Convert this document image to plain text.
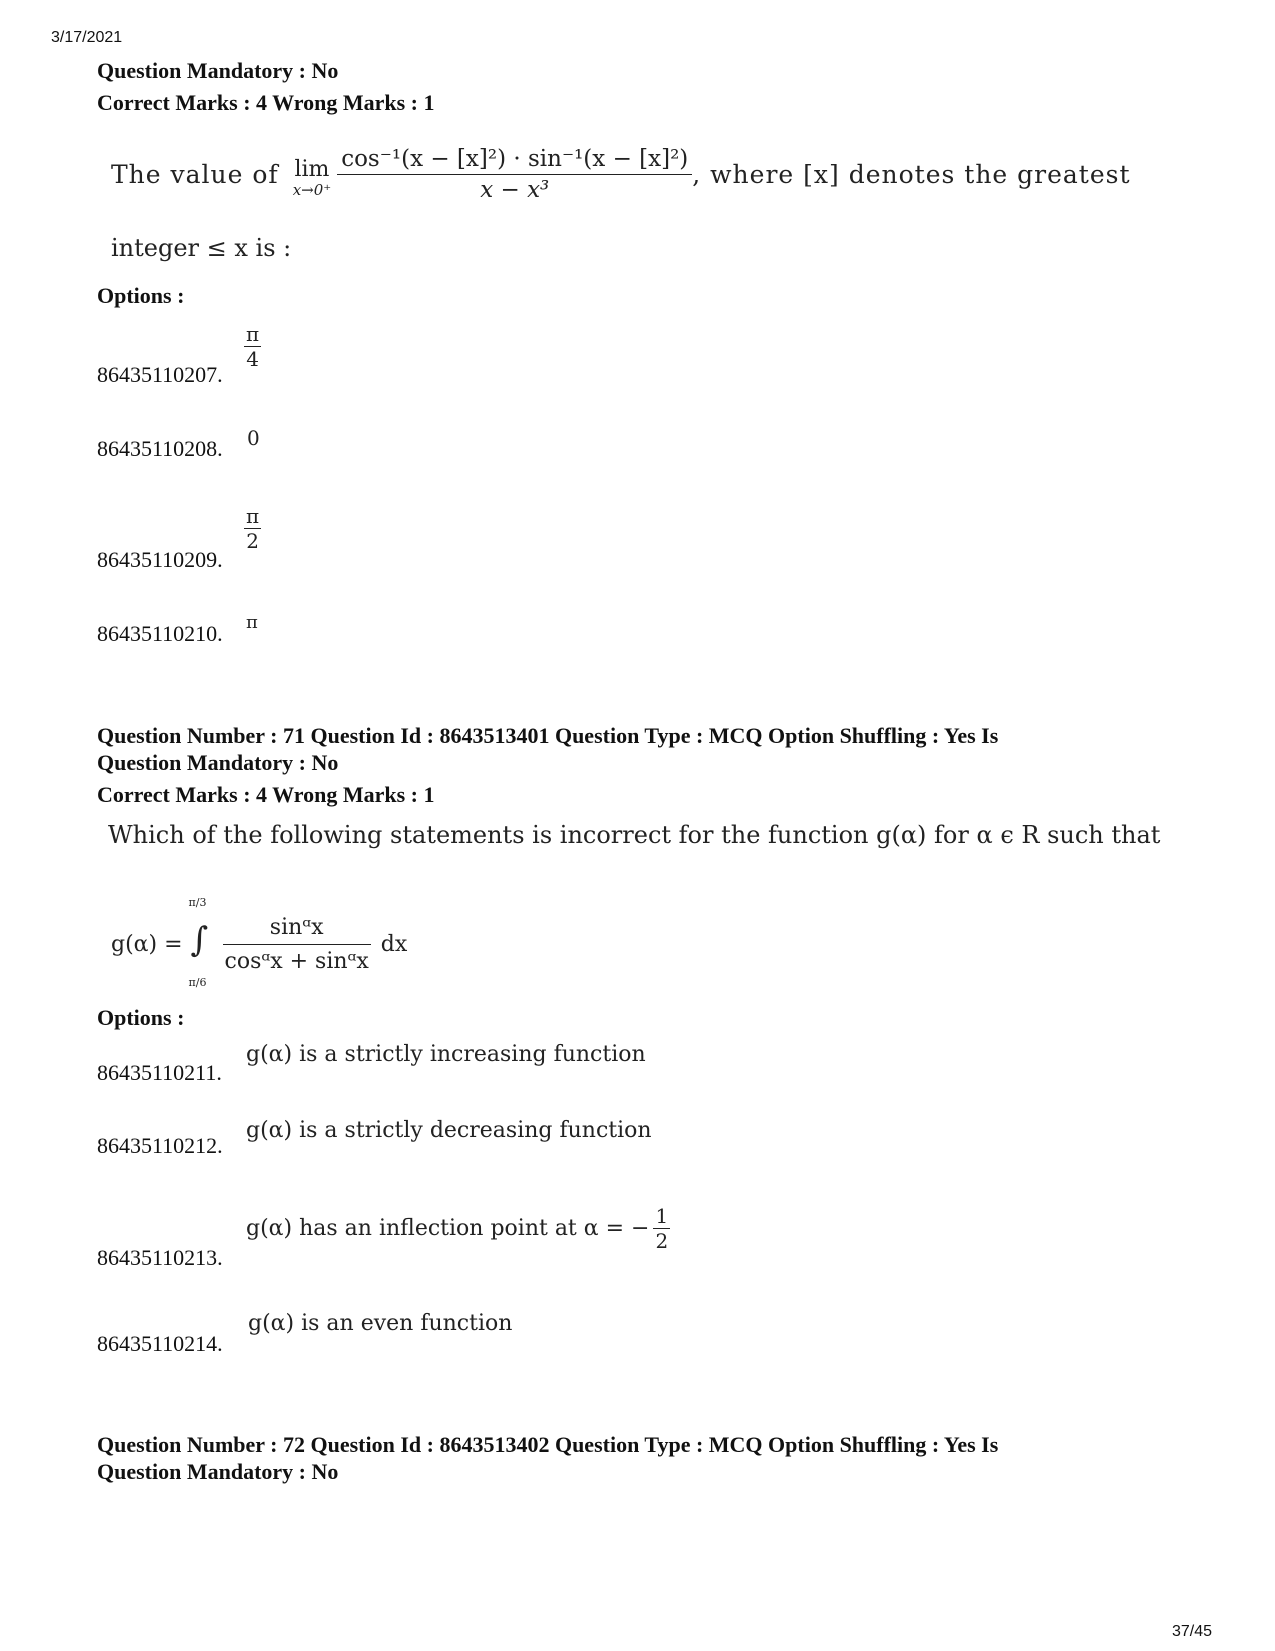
3/17/2021
37/45
Question Mandatory : No
Correct Marks : 4 Wrong Marks : 1
The value of lim
$x\to 0^+ \frac{\text{cos⁻¹(x − [x]²) · sin⁻¹(x − [x]²)}}{\text{x − x³}}$ , where [x] denotes the greatest
integer ≤ x is :
Options :
86435110207.
$\frac{\pi}{4}$
86435110208. 0
86435110209.
$\frac{\pi}{2}$
86435110210. π
Question Number : 71 Question Id : 8643513401 Question Type : MCQ Option Shuffling : Yes Is
Question Mandatory : No
Correct Marks : 4 Wrong Marks : 1
Which of the following statements is incorrect for the function g(α) for α ϵ R such that
g(α) =
π/3
∫
π/6
$\frac{\text{sinᵅx}}{\text{cosᵅx + sinᵅx}}$ dx
Options :
86435110211.
g(α) is a strictly increasing function
86435110212.
g(α) is a strictly decreasing function
86435110213.
g(α) has an inflection point at α = − $\frac{1}{2}$
86435110214.
g(α) is an even function
Question Number : 72 Question Id : 8643513402 Question Type : MCQ Option Shuffling : Yes Is
Question Mandatory : No
